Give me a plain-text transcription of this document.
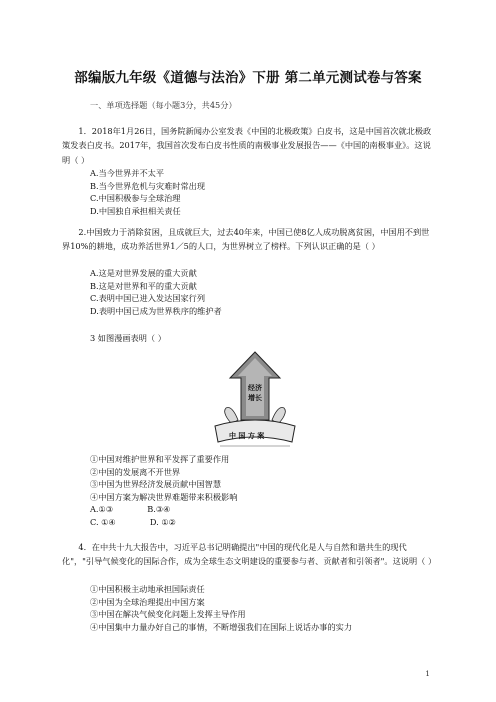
部编版九年级《道德与法治》下册 第二单元测试卷与答案
一、单项选择题（每小题3分，共45分）

1．2018年1月26日，国务院新闻办公室发表《中国的北极政策》白皮书，这是中国首次就北极政策发表白皮书。2017年，我国首次发布白皮书性质的南极事业发展报告——《中国的南极事业》。这说明（ ）

A.当今世界并不太平
B.当今世界危机与灾难时常出现
C.中国积极参与全球治理
D.中国独自承担相关责任

2.中国致力于消除贫困，且成就巨大，过去40年来，中国已使8亿人成功脱离贫困，中国用不到世界10%的耕地，成功养活世界1／5的人口，为世界树立了榜样。下列认识正确的是（ ）

A.这是对世界发展的重大贡献
B.这是对世界和平的重大贡献
C.表明中国已进入发达国家行列
D.表明中国已成为世界秩序的维护者
3 如图漫画表明（ ）
经济
增长
中 国 方 案
①中国对维护世界和平发挥了重要作用
②中国的发展离不开世界
③中国为世界经济发展贡献中国智慧
④中国方案为解决世界难题带来积极影响
A.①③	B.③④
C. ①④	D. ①②

4．在中共十九大报告中，习近平总书记明确提出"中国的现代化是人与自然和谐共生的现代化"，"引导气候变化的国际合作，成为全球生态文明建设的重要参与者、贡献者和引领者"。这说明（ ）

①中国积极主动地承担国际责任
②中国为全球治理提出中国方案
③中国在解决气候变化问题上发挥主导作用
④中国集中力量办好自己的事情，不断增强我们在国际上说话办事的实力
1
